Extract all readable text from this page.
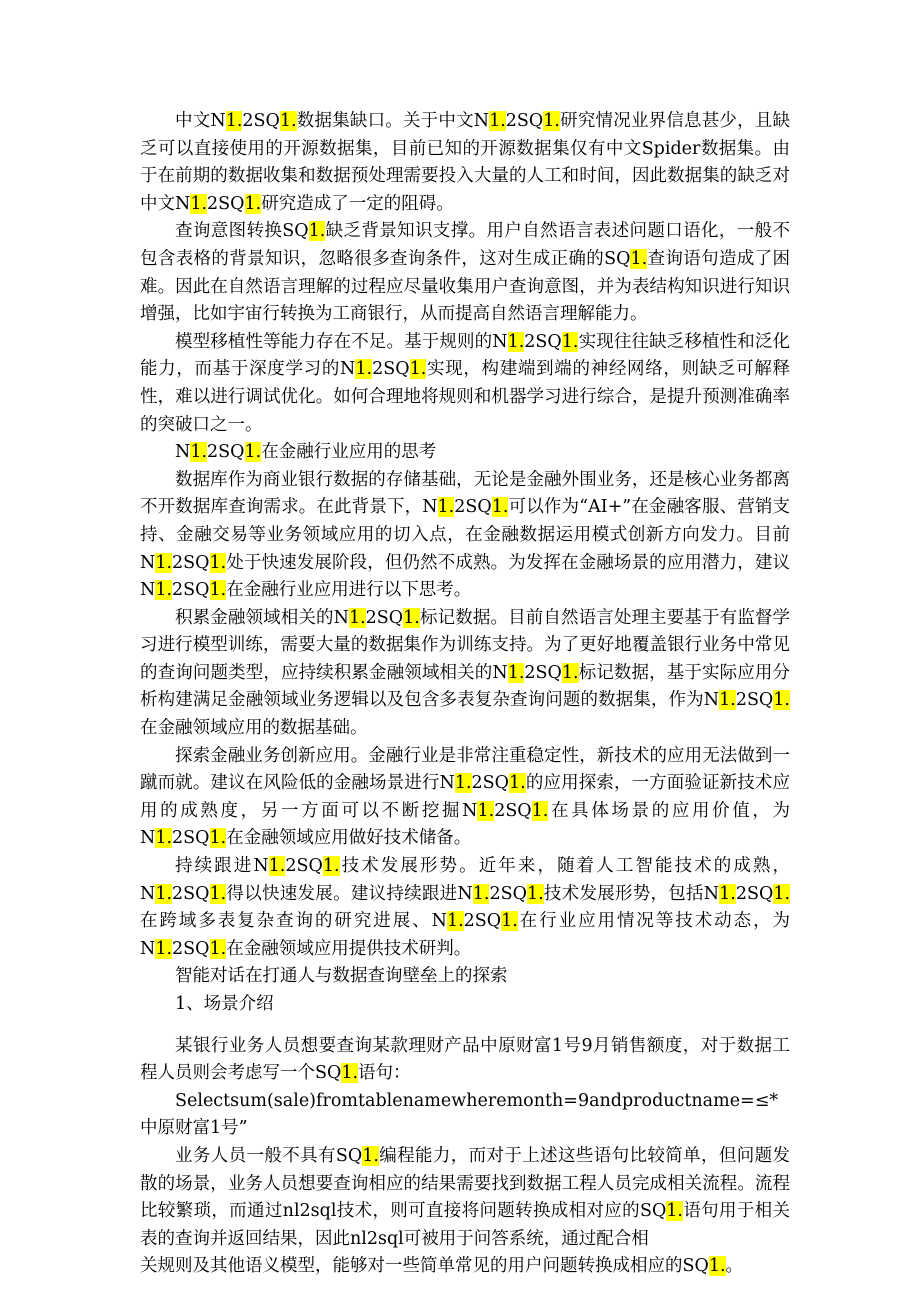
中文N1.2SQ1.数据集缺口。关于中文N1.2SQ1.研究情况业界信息甚少，且缺乏可以直接使用的开源数据集，目前已知的开源数据集仅有中文Spider数据集。由于在前期的数据收集和数据预处理需要投入大量的人工和时间，因此数据集的缺乏对中文N1.2SQ1.研究造成了一定的阻碍。

查询意图转换SQ1.缺乏背景知识支撑。用户自然语言表述问题口语化，一般不包含表格的背景知识，忽略很多查询条件，这对生成正确的SQ1.查询语句造成了困难。因此在自然语言理解的过程应尽量收集用户查询意图，并为表结构知识进行知识增强，比如宇宙行转换为工商银行，从而提高自然语言理解能力。

模型移植性等能力存在不足。基于规则的N1.2SQ1.实现往往缺乏移植性和泛化能力，而基于深度学习的N1.2SQ1.实现，构建端到端的神经网络，则缺乏可解释性，难以进行调试优化。如何合理地将规则和机器学习进行综合，是提升预测准确率的突破口之一。

N1.2SQ1.在金融行业应用的思考

数据库作为商业银行数据的存储基础，无论是金融外围业务，还是核心业务都离不开数据库查询需求。在此背景下，N1.2SQ1.可以作为“AI+”在金融客服、营销支持、金融交易等业务领域应用的切入点，在金融数据运用模式创新方向发力。目前N1.2SQ1.处于快速发展阶段，但仍然不成熟。为发挥在金融场景的应用潜力，建议N1.2SQ1.在金融行业应用进行以下思考。

积累金融领域相关的N1.2SQ1.标记数据。目前自然语言处理主要基于有监督学习进行模型训练，需要大量的数据集作为训练支持。为了更好地覆盖银行业务中常见的查询问题类型，应持续积累金融领域相关的N1.2SQ1.标记数据，基于实际应用分析构建满足金融领域业务逻辑以及包含多表复杂查询问题的数据集，作为N1.2SQ1.在金融领域应用的数据基础。

探索金融业务创新应用。金融行业是非常注重稳定性，新技术的应用无法做到一蹴而就。建议在风险低的金融场景进行N1.2SQ1.的应用探索，一方面验证新技术应用的成熟度，另一方面可以不断挖掘N1.2SQ1.在具体场景的应用价值，为N1.2SQ1.在金融领域应用做好技术储备。

持续跟进N1.2SQ1.技术发展形势。近年来，随着人工智能技术的成熟，N1.2SQ1.得以快速发展。建议持续跟进N1.2SQ1.技术发展形势，包括N1.2SQ1.在跨域多表复杂查询的研究进展、N1.2SQ1.在行业应用情况等技术动态，为N1.2SQ1.在金融领域应用提供技术研判。

智能对话在打通人与数据查询壁垒上的探索

1、场景介绍

某银行业务人员想要查询某款理财产品中原财富1号9月销售额度，对于数据工程人员则会考虑写一个SQ1.语句：

Selectsum(sale)fromtablenamewheremonth=9andproductname=≤*中原财富1号”

业务人员一般不具有SQ1.编程能力，而对于上述这些语句比较简单，但问题发散的场景，业务人员想要查询相应的结果需要找到数据工程人员完成相关流程。流程比较繁琐，而通过nl2sql技术，则可直接将问题转换成相对应的SQ1.语句用于相关表的查询并返回结果，因此nl2sql可被用于问答系统，通过配合相

关规则及其他语义模型，能够对一些简单常见的用户问题转换成相应的SQ1.。
